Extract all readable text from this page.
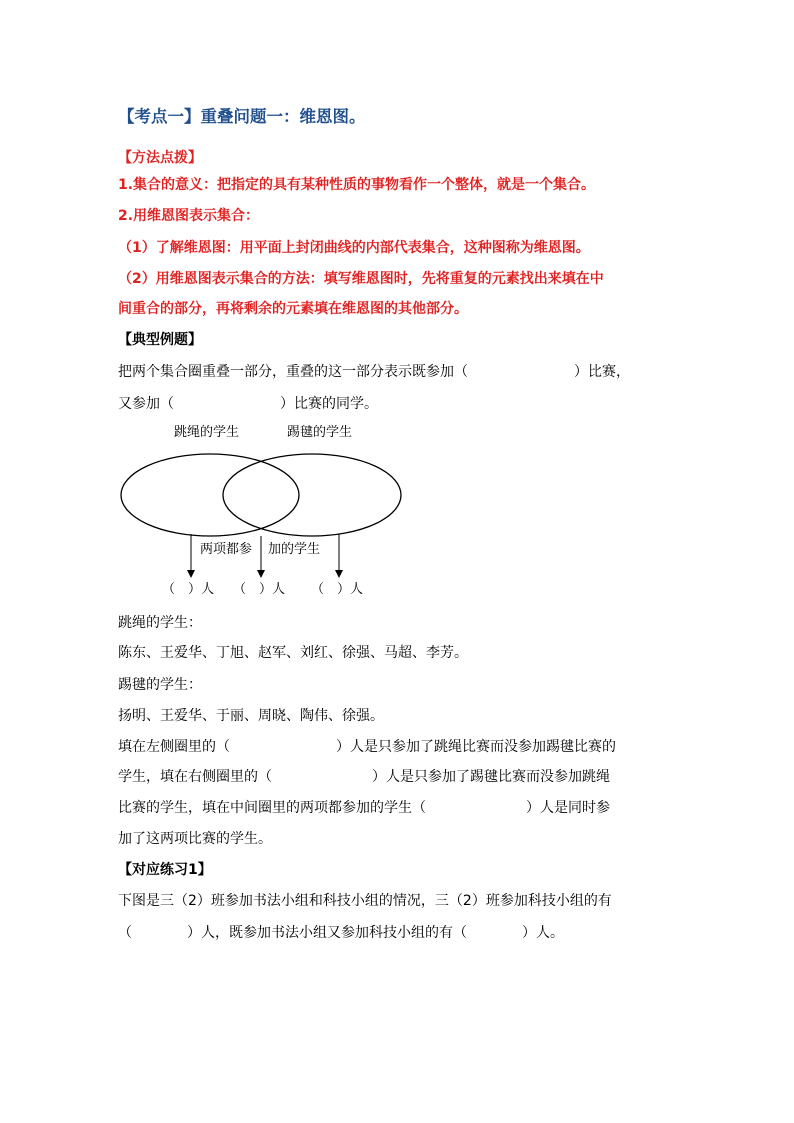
【考点一】重叠问题一：维恩图。
【方法点拨】
1.集合的意义：把指定的具有某种性质的事物看作一个整体，就是一个集合。
2.用维恩图表示集合：
（1）了解维恩图：用平面上封闭曲线的内部代表集合，这种图称为维恩图。
（2）用维恩图表示集合的方法：填写维恩图时，先将重复的元素找出来填在中
间重合的部分，再将剩余的元素填在维恩图的其他部分。
【典型例题】
把两个集合圈重叠一部分，重叠的这一部分表示既参加（	）比赛，
又参加（	）比赛的同学。
跳绳的学生	踢毽的学生
两项都参 加的学生
（　）人 （　）人 （　）人
跳绳的学生：
陈东、王爱华、丁旭、赵军、刘红、徐强、马超、李芳。
踢毽的学生：
扬明、王爱华、于丽、周晓、陶伟、徐强。
填在左侧圈里的（	）人是只参加了跳绳比赛而没参加踢毽比赛的
学生，填在右侧圈里的（	）人是只参加了踢毽比赛而没参加跳绳
比赛的学生，填在中间圈里的两项都参加的学生（	）人是同时参
加了这两项比赛的学生。
【对应练习1】
下图是三（2）班参加书法小组和科技小组的情况，三（2）班参加科技小组的有
（	）人，既参加书法小组又参加科技小组的有（	）人。
